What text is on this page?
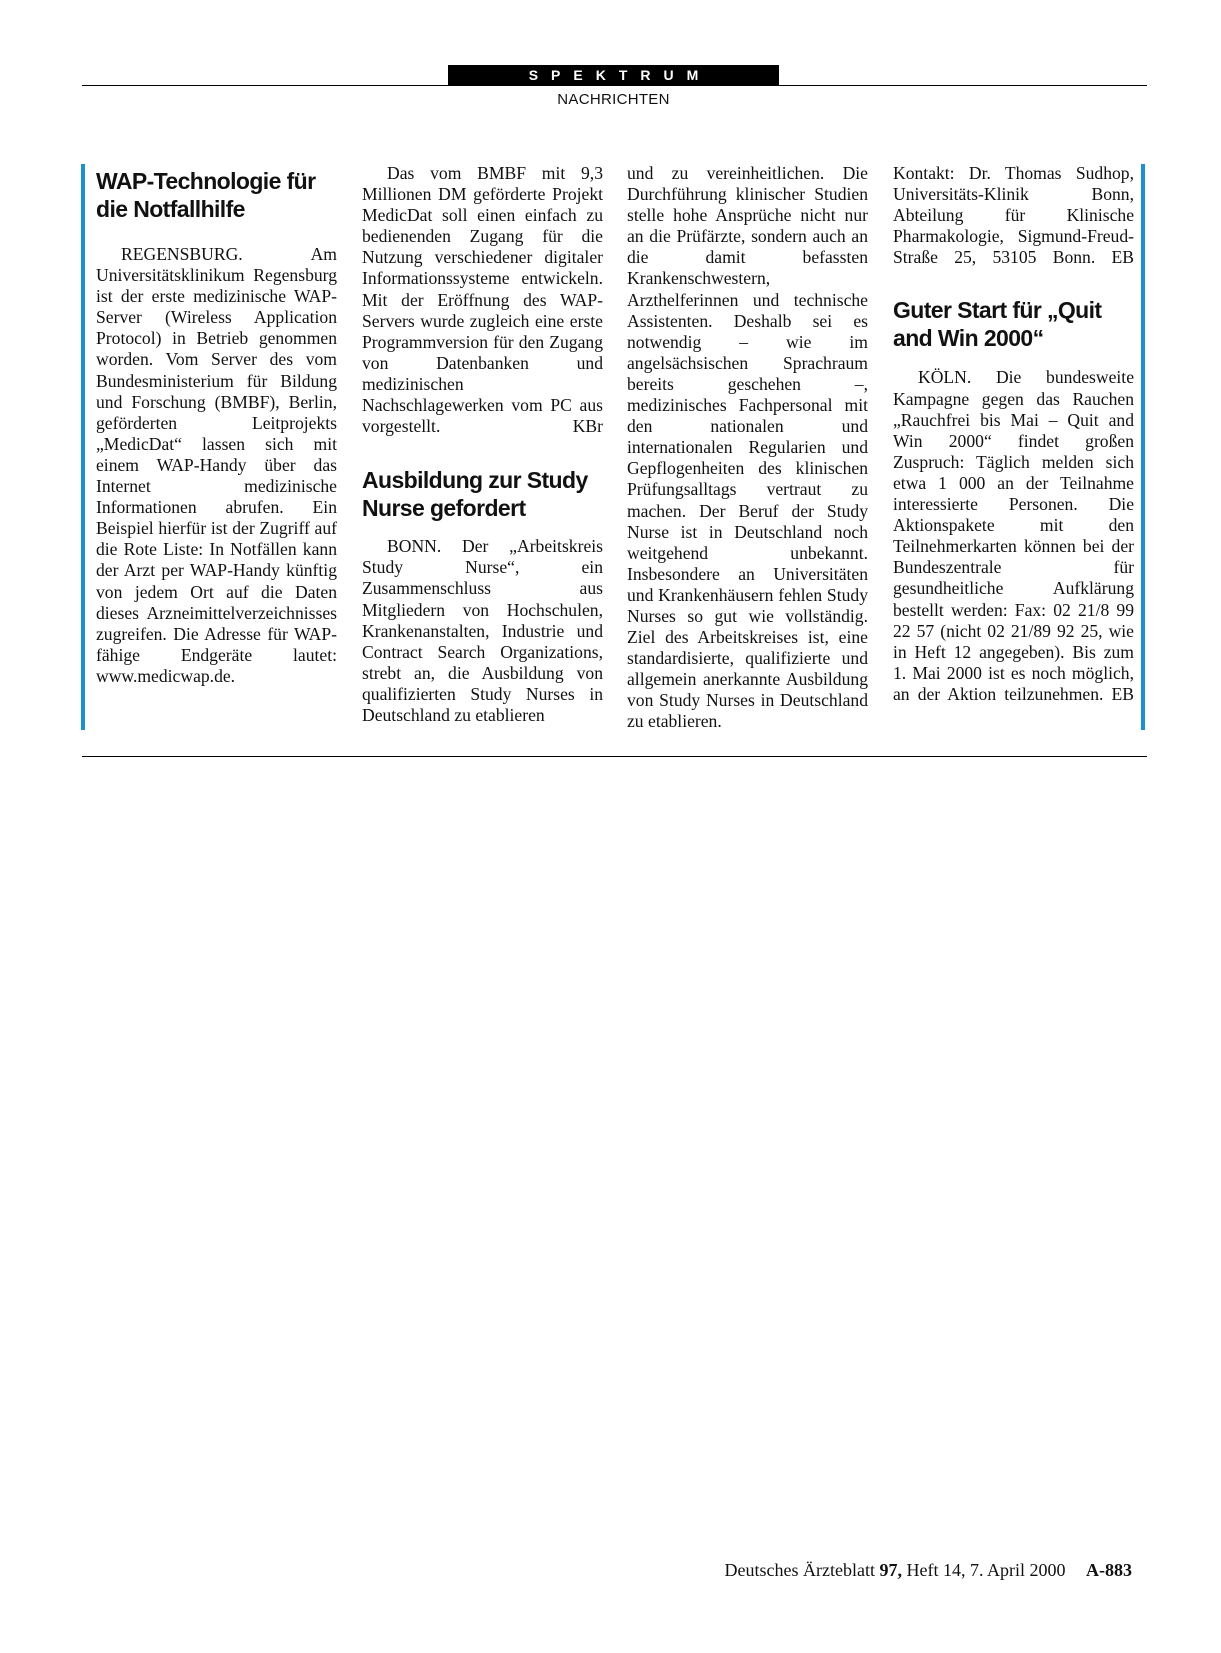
SPEKTRUM
NACHRICHTEN
WAP-Technologie für die Notfallhilfe

REGENSBURG. Am Universitätsklinikum Regensburg ist der erste medizinische WAP-Server (Wireless Application Protocol) in Betrieb genommen worden. Vom Server des vom Bundesministerium für Bildung und Forschung (BMBF), Berlin, geförderten Leitprojekts „MedicDat“ lassen sich mit einem WAP-Handy über das Internet medizinische Informationen abrufen. Ein Beispiel hierfür ist der Zugriff auf die Rote Liste: In Notfällen kann der Arzt per WAP-Handy künftig von jedem Ort auf die Daten dieses Arzneimittelverzeichnisses zugreifen. Die Adresse für WAP-fähige Endgeräte lautet: www.medicwap.de.

Das vom BMBF mit 9,3 Millionen DM geförderte Projekt MedicDat soll einen einfach zu bedienenden Zugang für die Nutzung verschiedener digitaler Informationssysteme entwickeln. Mit der Eröffnung des WAP-Servers wurde zugleich eine erste Programmversion für den Zugang von Datenbanken und medizinischen Nachschlagewerken vom PC aus vorgestellt.	KBr

Ausbildung zur Study Nurse gefordert

BONN. Der „Arbeitskreis Study Nurse“, ein Zusammenschluss aus Mitgliedern von Hochschulen, Krankenanstalten, Industrie und Contract Search Organizations, strebt an, die Ausbildung von qualifizierten Study Nurses in Deutschland zu etablieren

und zu vereinheitlichen. Die Durchführung klinischer Studien stelle hohe Ansprüche nicht nur an die Prüfärzte, sondern auch an die damit befassten Krankenschwestern, Arzthelferinnen und technische Assistenten. Deshalb sei es notwendig – wie im angelsächsischen Sprachraum bereits geschehen –, medizinisches Fachpersonal mit den nationalen und internationalen Regularien und Gepflogenheiten des klinischen Prüfungsalltags vertraut zu machen. Der Beruf der Study Nurse ist in Deutschland noch weitgehend unbekannt. Insbesondere an Universitäten und Krankenhäusern fehlen Study Nurses so gut wie vollständig. Ziel des Arbeitskreises ist, eine standardisierte, qualifizierte und allgemein anerkannte Ausbildung von Study Nurses in Deutschland zu etablieren.

Kontakt: Dr. Thomas Sudhop, Universitäts-Klinik Bonn, Abteilung für Klinische Pharmakologie, Sigmund-Freud-Straße 25, 53105 Bonn. EB

Guter Start für „Quit and Win 2000“

KÖLN. Die bundesweite Kampagne gegen das Rauchen „Rauchfrei bis Mai – Quit and Win 2000“ findet großen Zuspruch: Täglich melden sich etwa 1 000 an der Teilnahme interessierte Personen. Die Aktionspakete mit den Teilnehmerkarten können bei der Bundeszentrale für gesundheitliche Aufklärung bestellt werden: Fax: 02 21/8 99 22 57 (nicht 02 21/89 92 25, wie in Heft 12 angegeben). Bis zum 1. Mai 2000 ist es noch möglich, an der Aktion teilzunehmen. EB

Deutsches Ärzteblatt 97, Heft 14, 7. April 2000 A-883
